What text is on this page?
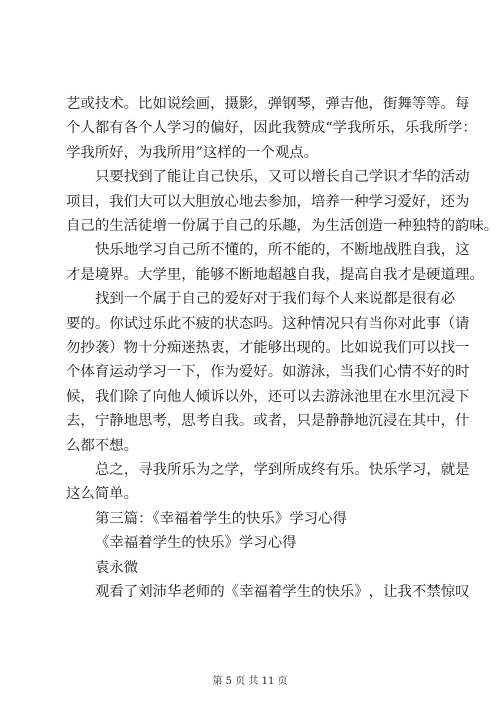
艺 或 技 术 。 比 如 说 绘 画 ， 摄 影 ， 弹 钢 琴 ， 弹 吉 他 ， 街 舞 等 等 。 每
个 人 都 有 各 个 人 学 习 的 偏 好 ， 因 此 我 赞 成 “ 学 我 所 乐 ， 乐 我 所 学 ：
学我所好，为我所用”这样的一个观点。
只 要 找 到 了 能 让 自 己 快 乐 ， 又 可 以 增 长 自 己 学 识 才 华 的 活 动
项 目 ， 我 们 大 可 以 大 胆 放 心 地 去 参 加 ， 培 养 一 种 学 习 爱 好 ， 还 为
自 己 的 生 活 徒 增 一 份 属 于 自 己 的 乐 趣 ， 为 生 活 创 造 一 种 独 特 的 韵 味 。
快 乐 地 学 习 自 己 所 不 懂 的 ， 所 不 能 的 ， 不 断 地 战 胜 自 我 ， 这
才 是 境 界 。 大 学 里 ， 能 够 不 断 地 超 越 自 我 ， 提 高 自 我 才 是 硬 道 理 。
找 到 一 个 属 于 自 己 的 爱 好 对 于 我 们 每 个 人 来 说 都 是 很 有 必
要 的 。 你 试 过 乐 此 不 疲 的 状 态 吗 。 这 种 情 况 只 有 当 你 对 此 事 （ 请
勿 抄 袭 ） 物 十 分 痴 迷 热 衷 ， 才 能 够 出 现 的 。 比 如 说 我 们 可 以 找 一
个 体 育 运 动 学 习 一 下 ， 作 为 爱 好 。 如 游 泳 ， 当 我 们 心 情 不 好 的 时
候 ， 我 们 除 了 向 他 人 倾 诉 以 外 ， 还 可 以 去 游 泳 池 里 在 水 里 沉 浸 下
去 ， 宁 静 地 思 考 ， 思 考 自 我 。 或 者 ， 只 是 静 静 地 沉 浸 在 其 中 ， 什
么都不想。
总 之 ， 寻 我 所 乐 为 之 学 ， 学 到 所 成 终 有 乐 。 快 乐 学 习 ， 就 是
这么简单。
第三篇：《幸福着学生的快乐》学习心得
《幸福着学生的快乐》学习心得
袁永微
观 看 了 刘 沛 华 老 师 的 《 幸 福 着 学 生 的 快 乐 》 ， 让 我 不 禁 惊 叹
第 5 页 共 11 页
